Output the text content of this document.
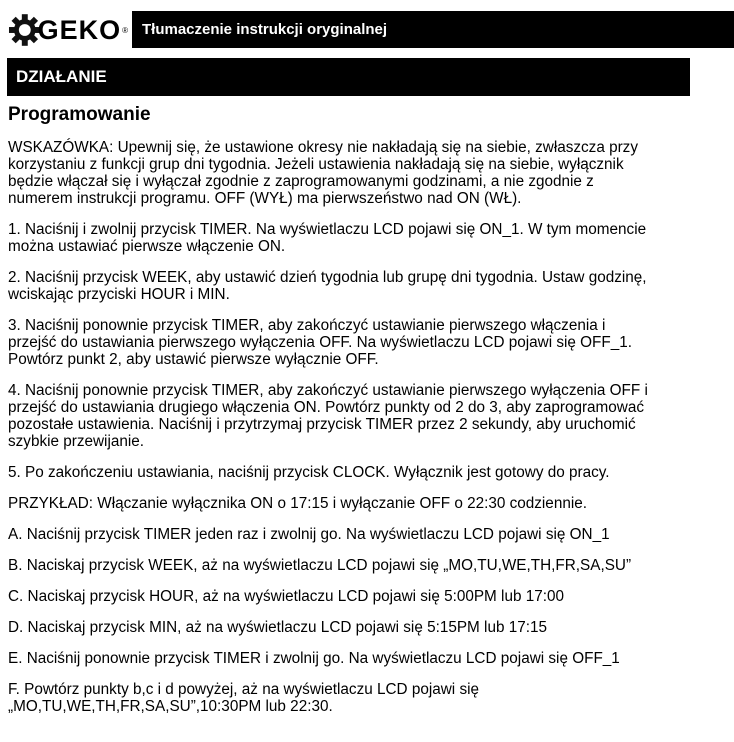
GEKO ® Tłumaczenie instrukcji oryginalnej
DZIAŁANIE
Programowanie

WSKAZÓWKA: Upewnij się, że ustawione okresy nie nakładają się na siebie, zwłaszcza przy
korzystaniu z funkcji grup dni tygodnia. Jeżeli ustawienia nakładają się na siebie, wyłącznik
będzie włączał się i wyłączał zgodnie z zaprogramowanymi godzinami, a nie zgodnie z
numerem instrukcji programu. OFF (WYŁ) ma pierwszeństwo nad ON (WŁ).

1. Naciśnij i zwolnij przycisk TIMER. Na wyświetlaczu LCD pojawi się ON_1. W tym momencie
można ustawiać pierwsze włączenie ON.

2. Naciśnij przycisk WEEK, aby ustawić dzień tygodnia lub grupę dni tygodnia. Ustaw godzinę,
wciskając przyciski HOUR i MIN.

3. Naciśnij ponownie przycisk TIMER, aby zakończyć ustawianie pierwszego włączenia i
przejść do ustawiania pierwszego wyłączenia OFF. Na wyświetlaczu LCD pojawi się OFF_1.
Powtórz punkt 2, aby ustawić pierwsze wyłącznie OFF.

4. Naciśnij ponownie przycisk TIMER, aby zakończyć ustawianie pierwszego wyłączenia OFF i
przejść do ustawiania drugiego włączenia ON. Powtórz punkty od 2 do 3, aby zaprogramować
pozostałe ustawienia. Naciśnij i przytrzymaj przycisk TIMER przez 2 sekundy, aby uruchomić
szybkie przewijanie.

5. Po zakończeniu ustawiania, naciśnij przycisk CLOCK. Wyłącznik jest gotowy do pracy.

PRZYKŁAD: Włączanie wyłącznika ON o 17:15 i wyłączanie OFF o 22:30 codziennie.

A. Naciśnij przycisk TIMER jeden raz i zwolnij go. Na wyświetlaczu LCD pojawi się ON_1

B. Naciskaj przycisk WEEK, aż na wyświetlaczu LCD pojawi się „MO,TU,WE,TH,FR,SA,SU”

C. Naciskaj przycisk HOUR, aż na wyświetlaczu LCD pojawi się 5:00PM lub 17:00

D. Naciskaj przycisk MIN, aż na wyświetlaczu LCD pojawi się 5:15PM lub 17:15

E. Naciśnij ponownie przycisk TIMER i zwolnij go. Na wyświetlaczu LCD pojawi się OFF_1

F. Powtórz punkty b,c i d powyżej, aż na wyświetlaczu LCD pojawi się
„MO,TU,WE,TH,FR,SA,SU”,10:30PM lub 22:30.
